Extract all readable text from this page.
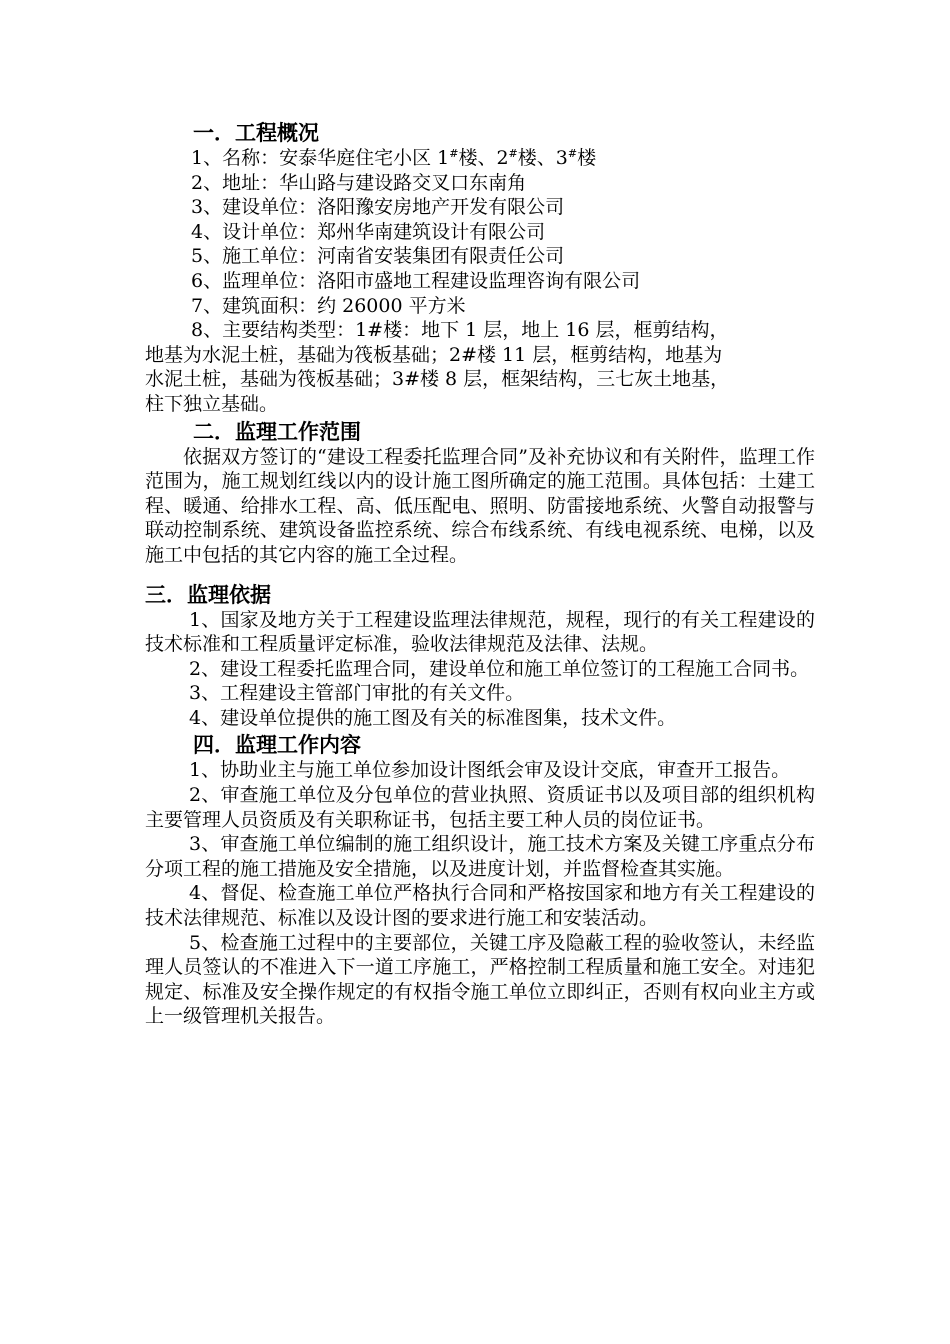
一．工程概况
1、名称：安泰华庭住宅小区 1#楼、2#楼、3#楼
2、地址：华山路与建设路交叉口东南角
3、建设单位：洛阳豫安房地产开发有限公司
4、设计单位：郑州华南建筑设计有限公司
5、施工单位：河南省安装集团有限责任公司
6、监理单位：洛阳市盛地工程建设监理咨询有限公司
7、建筑面积：约 26000 平方米
8、主要结构类型：1#楼：地下 1 层，地上 16 层，框剪结构，
地基为水泥土桩，基础为筏板基础；2#楼 11 层，框剪结构，地基为
水泥土桩，基础为筏板基础；3#楼 8 层，框架结构，三七灰土地基，
柱下独立基础。
二．监理工作范围

依据双方签订的“建设工程委托监理合同”及补充协议和有关附件，监理工作范围为，施工规划红线以内的设计施工图所确定的施工范围。具体包括：土建工程、暖通、给排水工程、高、低压配电、照明、防雷接地系统、火警自动报警与联动控制系统、建筑设备监控系统、综合布线系统、有线电视系统、电梯，以及施工中包括的其它内容的施工全过程。

三．监理依据

1、国家及地方关于工程建设监理法律规范，规程，现行的有关工程建设的技术标准和工程质量评定标准，验收法律规范及法律、法规。

2、建设工程委托监理合同，建设单位和施工单位签订的工程施工合同书。

3、工程建设主管部门审批的有关文件。

4、建设单位提供的施工图及有关的标准图集，技术文件。

四．监理工作内容

1、协助业主与施工单位参加设计图纸会审及设计交底，审查开工报告。

2、审查施工单位及分包单位的营业执照、资质证书以及项目部的组织机构主要管理人员资质及有关职称证书，包括主要工种人员的岗位证书。

3、审查施工单位编制的施工组织设计，施工技术方案及关键工序重点分布分项工程的施工措施及安全措施，以及进度计划，并监督检查其实施。

4、督促、检查施工单位严格执行合同和严格按国家和地方有关工程建设的技术法律规范、标准以及设计图的要求进行施工和安装活动。

5、检查施工过程中的主要部位，关键工序及隐蔽工程的验收签认，未经监理人员签认的不准进入下一道工序施工，严格控制工程质量和施工安全。对违犯规定、标准及安全操作规定的有权指令施工单位立即纠正，否则有权向业主方或上一级管理机关报告。
